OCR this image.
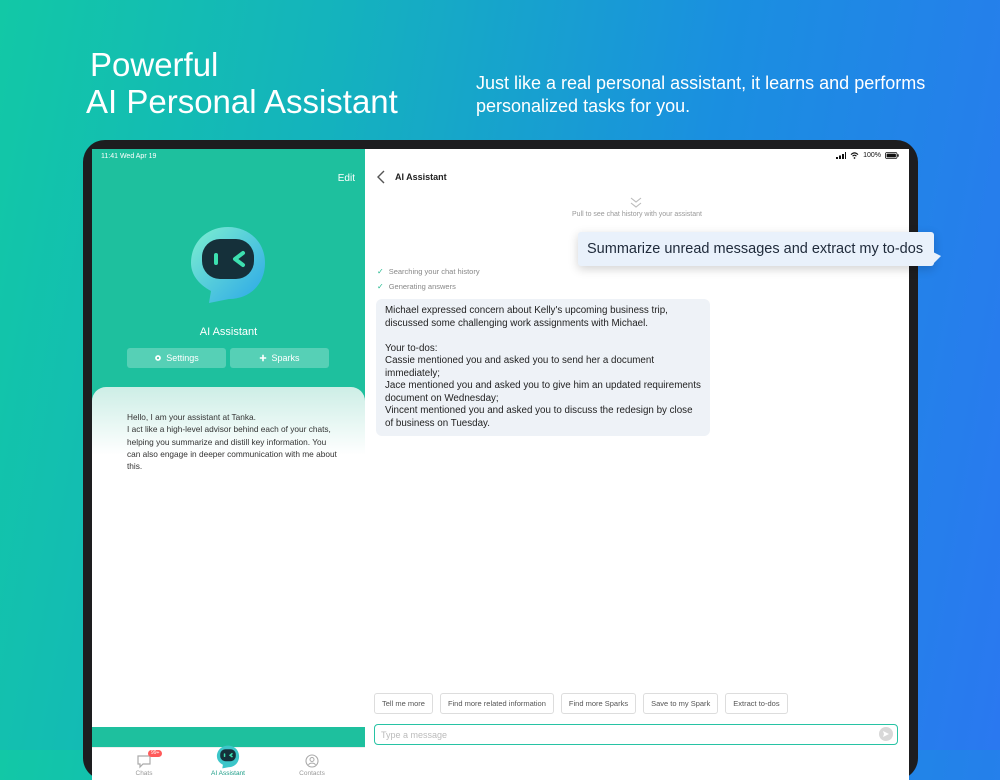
Powerful
AI Personal Assistant	Just like a real personal assistant, it learns and performs personalized tasks for you.
11:41 Wed Apr 19
Edit
AI Assistant
Settings	Sparks

Hello, I am your assistant at Tanka.

I act like a high-level advisor behind each of your chats, helping you summarize and distill key information. You can also engage in deeper communication with me about this.

99+
Chats	AI Assistant	Contacts
100%
AI Assistant
Pull to see chat history with your assistant
✓ Searching your chat history
✓ Generating answers

Michael expressed concern about Kelly's upcoming business trip, discussed some challenging work assignments with Michael.

Your to-dos:

Cassie mentioned you and asked you to send her a document immediately;

Jace mentioned you and asked you to give him an updated requirements document on Wednesday;

Vincent mentioned you and asked you to discuss the redesign by close of business on Tuesday.

Tell me more	Find more related information	Find more Sparks	Save to my Spark	Extract to-dos
Type a message
Summarize unread messages and extract my to-dos
